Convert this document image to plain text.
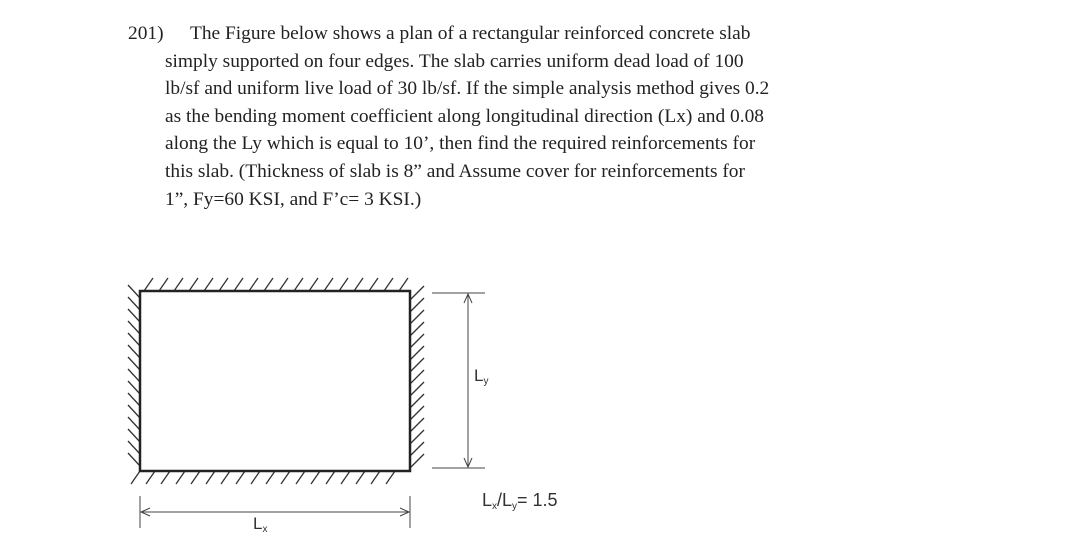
201) The Figure below shows a plan of a rectangular reinforced concrete slab
simply supported on four edges. The slab carries uniform dead load of 100
lb/sf and uniform live load of 30 lb/sf. If the simple analysis method gives 0.2
as the bending moment coefficient along longitudinal direction (Lx) and 0.08
along the Ly which is equal to 10’, then find the required reinforcements for
this slab. (Thickness of slab is 8” and Assume cover for reinforcements for
1”, Fy=60 KSI, and F’c= 3 KSI.)
$L_y$
$L_x$
$L_x/L_y= 1.5$
